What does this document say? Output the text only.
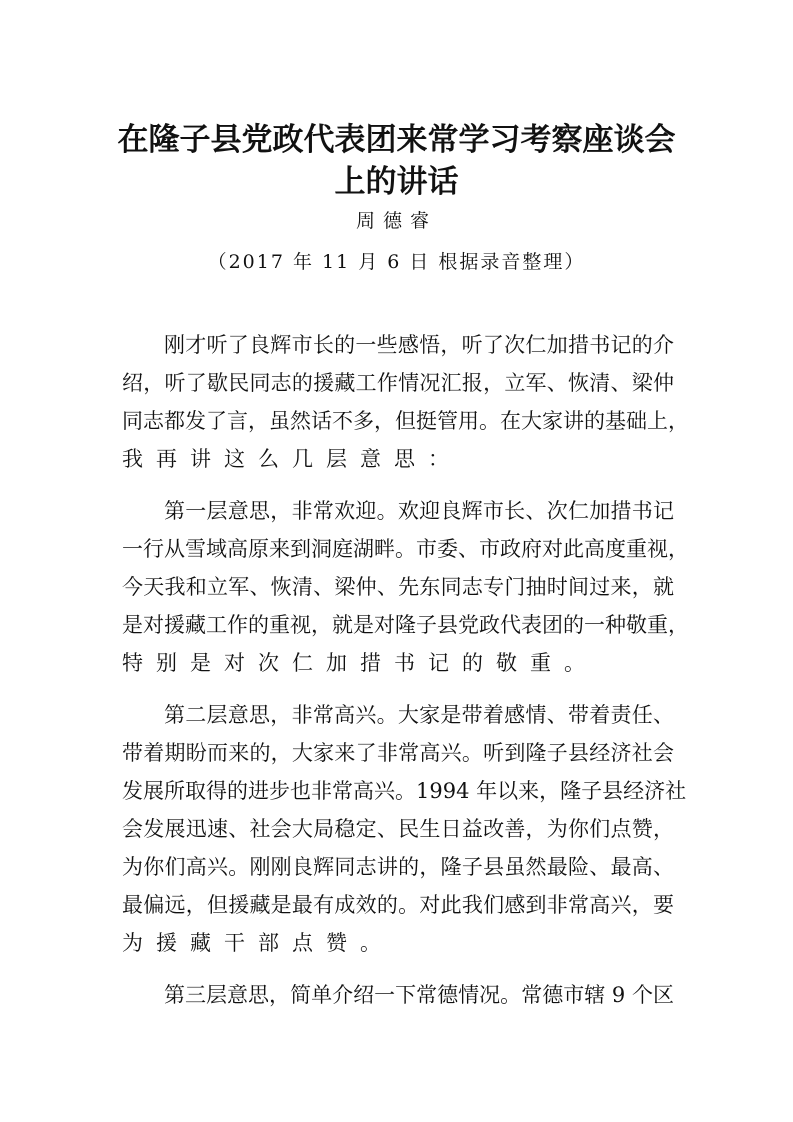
在隆子县党政代表团来常学习考察座谈会
上的讲话
周德睿
（2017 年 11 月 6 日 根据录音整理）
刚才听了良辉市长的一些感悟，听了次仁加措书记的介
绍，听了歇民同志的援藏工作情况汇报，立军、恢清、梁仲
同志都发了言，虽然话不多，但挺管用。在大家讲的基础上，
我再讲这么几层意思：
第一层意思，非常欢迎。欢迎良辉市长、次仁加措书记
一行从雪域高原来到洞庭湖畔。市委、市政府对此高度重视，
今天我和立军、恢清、梁仲、先东同志专门抽时间过来，就
是对援藏工作的重视，就是对隆子县党政代表团的一种敬重，
特别是对次仁加措书记的敬重。
第二层意思，非常高兴。大家是带着感情、带着责任、
带着期盼而来的，大家来了非常高兴。听到隆子县经济社会
发展所取得的进步也非常高兴。1994 年以来，隆子县经济社
会发展迅速、社会大局稳定、民生日益改善，为你们点赞，
为你们高兴。刚刚良辉同志讲的，隆子县虽然最险、最高、
最偏远，但援藏是最有成效的。对此我们感到非常高兴，要
为援藏干部点赞。
第三层意思，简单介绍一下常德情况。常德市辖 9 个区
